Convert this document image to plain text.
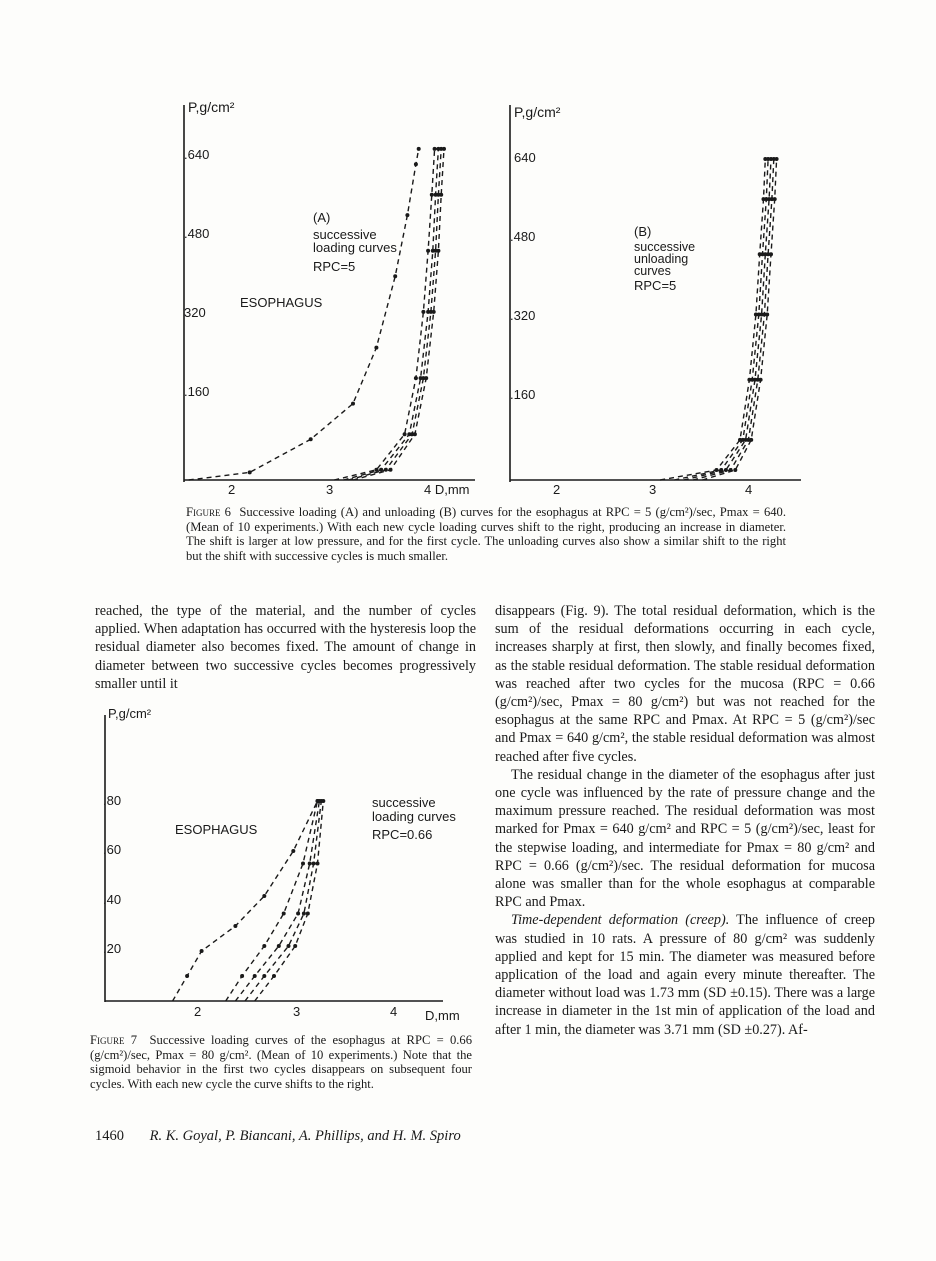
P,g/cm²
.640
.480
320
.160
2	3	4 D,mm
(A)
successive
loading curves
RPC=5
ESOPHAGUS
P,g/cm²
640
.480
.320
.160
2	3	4
(B)
successive
unloading
curves
RPC=5
Figure 6 Successive loading (A) and unloading (B) curves for the esophagus at RPC = 5 (g/cm²)/sec, Pmax = 640. (Mean of 10 experiments.) With each new cycle loading curves shift to the right, producing an increase in diameter. The shift is larger at low pressure, and for the first cycle. The unloading curves also show a similar shift to the right but the shift with successive cycles is much smaller.

reached, the type of the material, and the number of cycles applied. When adaptation has occurred with the hysteresis loop the residual diameter also becomes fixed. The amount of change in diameter between two successive cycles becomes progressively smaller until it

P,g/cm²
.80
.60
.40
.20
2	3	4 D,mm
successive
loading curves
RPC=0.66
ESOPHAGUS
Figure 7 Successive loading curves of the esophagus at RPC = 0.66 (g/cm²)/sec, Pmax = 80 g/cm². (Mean of 10 experiments.) Note that the sigmoid behavior in the first two cycles disappears on subsequent four cycles. With each new cycle the curve shifts to the right.

disappears (Fig. 9). The total residual deformation, which is the sum of the residual deformations occurring in each cycle, increases sharply at first, then slowly, and finally becomes fixed, as the stable residual deformation. The stable residual deformation was reached after two cycles for the mucosa (RPC = 0.66 (g/cm²)/sec, Pmax = 80 g/cm²) but was not reached for the esophagus at the same RPC and Pmax. At RPC = 5 (g/cm²)/sec and Pmax = 640 g/cm², the stable residual deformation was almost reached after five cycles.

The residual change in the diameter of the esophagus after just one cycle was influenced by the rate of pressure change and the maximum pressure reached. The residual deformation was most marked for Pmax = 640 g/cm² and RPC = 5 (g/cm²)/sec, least for the stepwise loading, and intermediate for Pmax = 80 g/cm² and RPC = 0.66 (g/cm²)/sec. The residual deformation for mucosa alone was smaller than for the whole esophagus at comparable RPC and Pmax.

Time-dependent deformation (creep). The influence of creep was studied in 10 rats. A pressure of 80 g/cm² was suddenly applied and kept for 15 min. The diameter was measured before application of the load and again every minute thereafter. The diameter without load was 1.73 mm (SD ±0.15). There was a large increase in diameter in the 1st min of application of the load and after 1 min, the diameter was 3.71 mm (SD ±0.27). Af-

1460 R. K. Goyal, P. Biancani, A. Phillips, and H. M. Spiro
